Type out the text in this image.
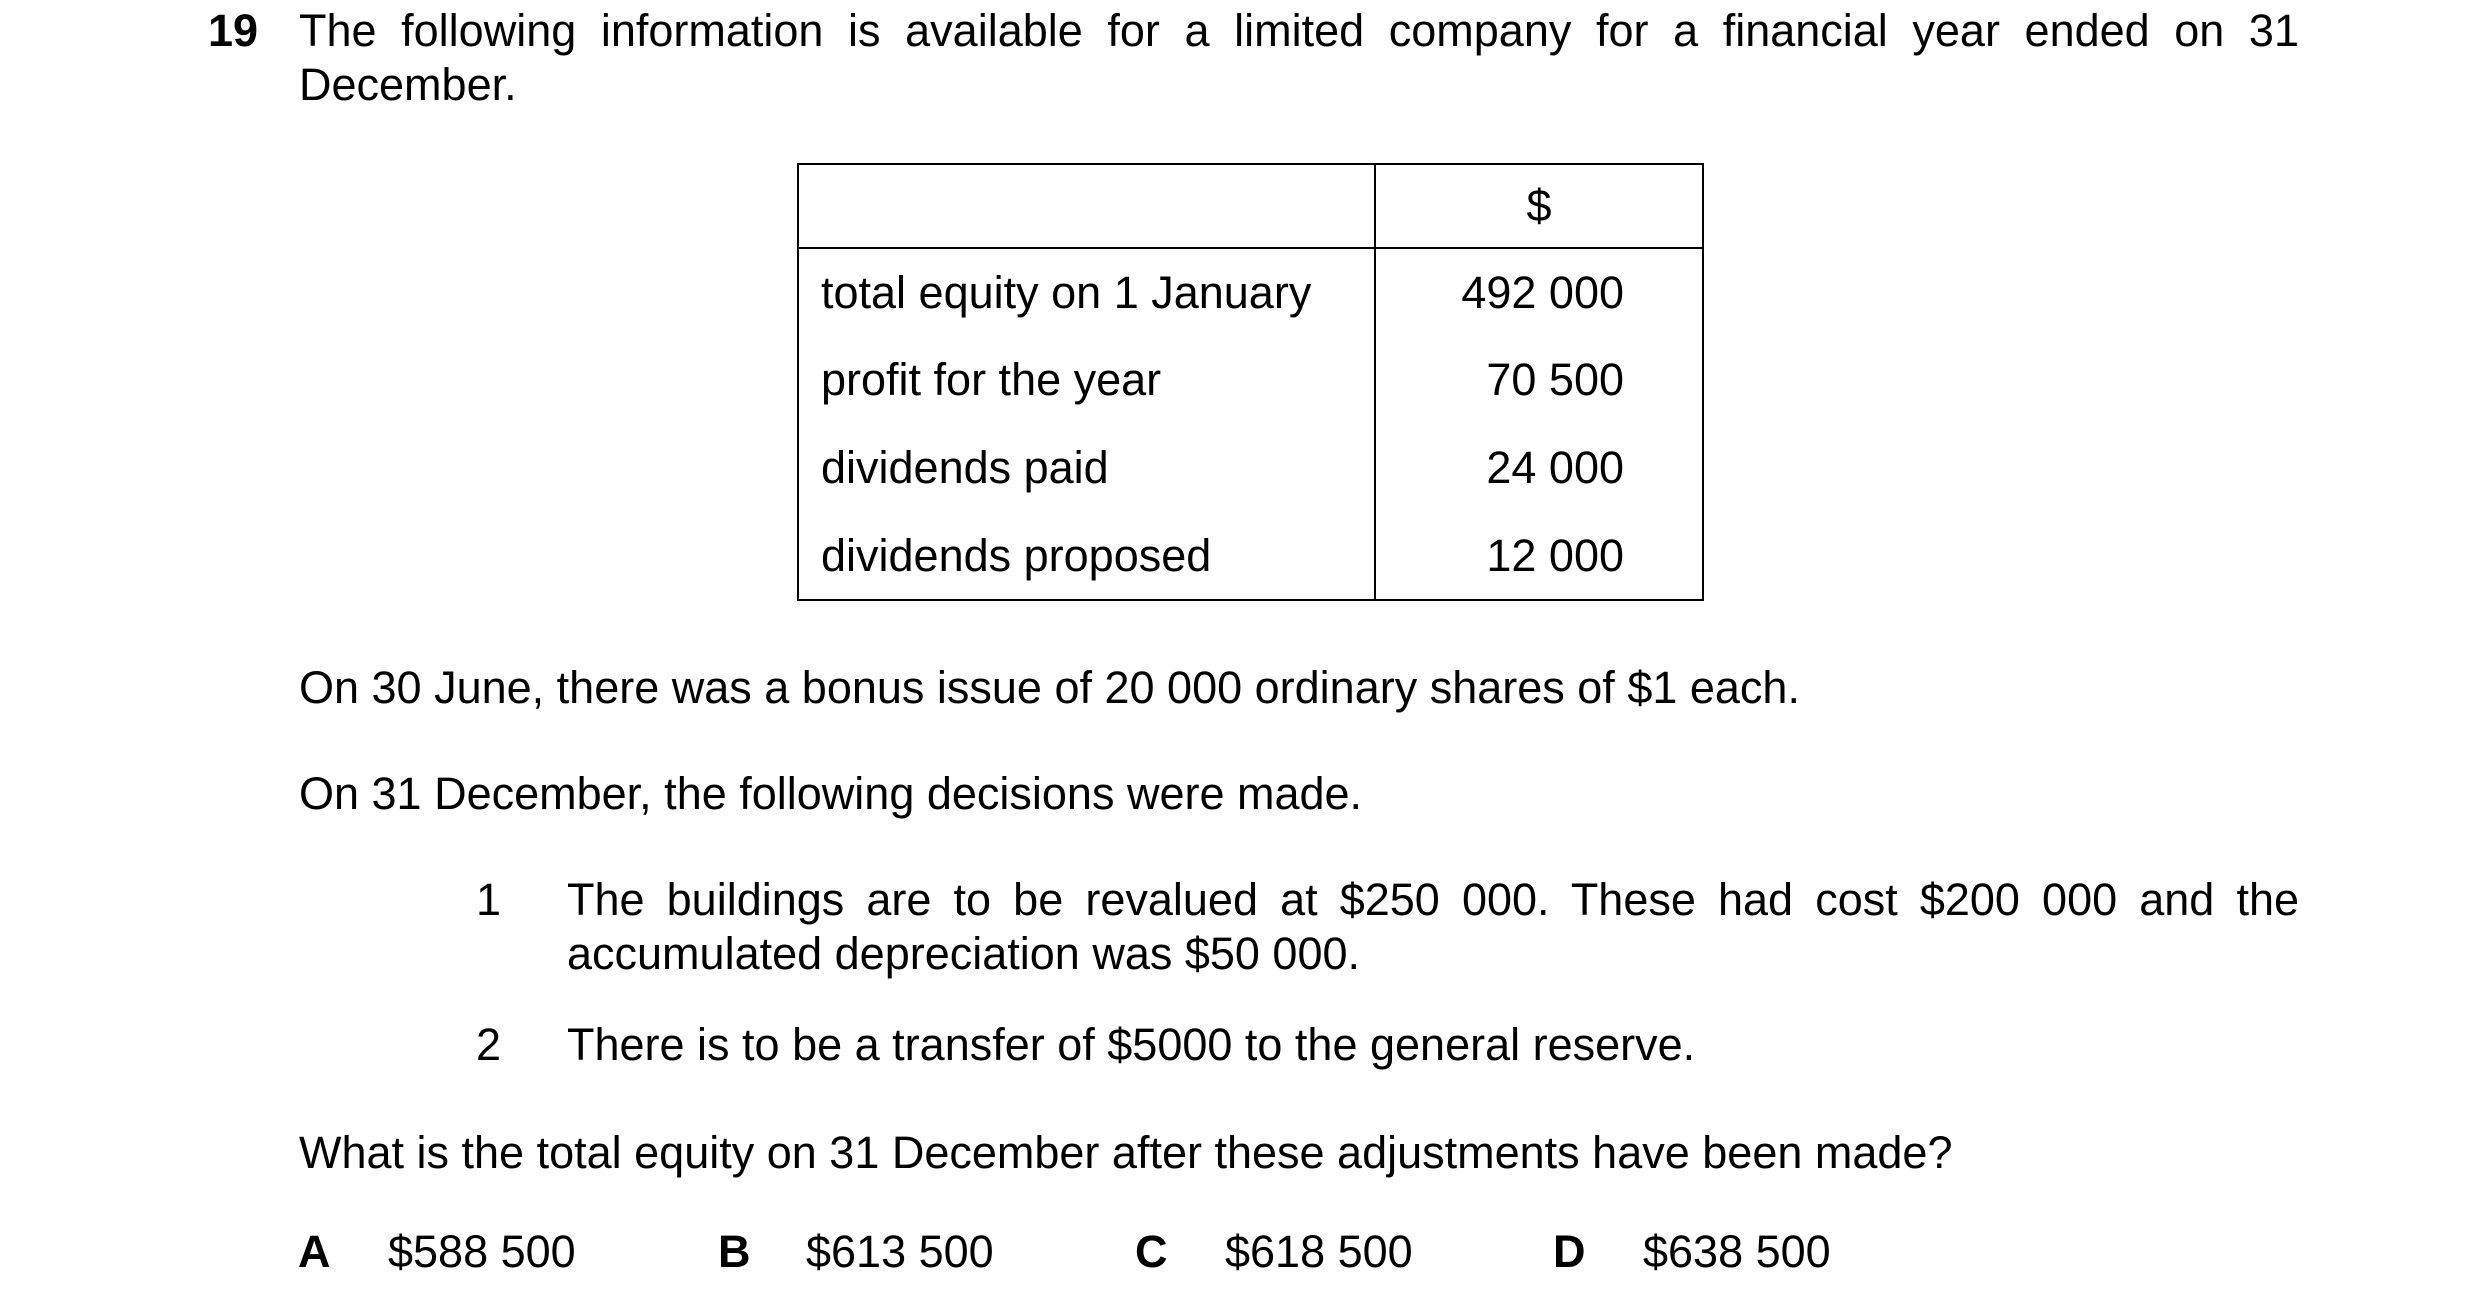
19 The following information is available for a limited company for a financial year ended on 31 December.
	$
total equity on 1 January	492 000
profit for the year	70 500
dividends paid	24 000
dividends proposed	12 000
On 30 June, there was a bonus issue of 20 000 ordinary shares of $1 each.
On 31 December, the following decisions were made.
1 The buildings are to be revalued at $250 000. These had cost $200 000 and the accumulated depreciation was $50 000.
2 There is to be a transfer of $5000 to the general reserve.
What is the total equity on 31 December after these adjustments have been made?
A $588 500	B $613 500	C $618 500	D $638 500
